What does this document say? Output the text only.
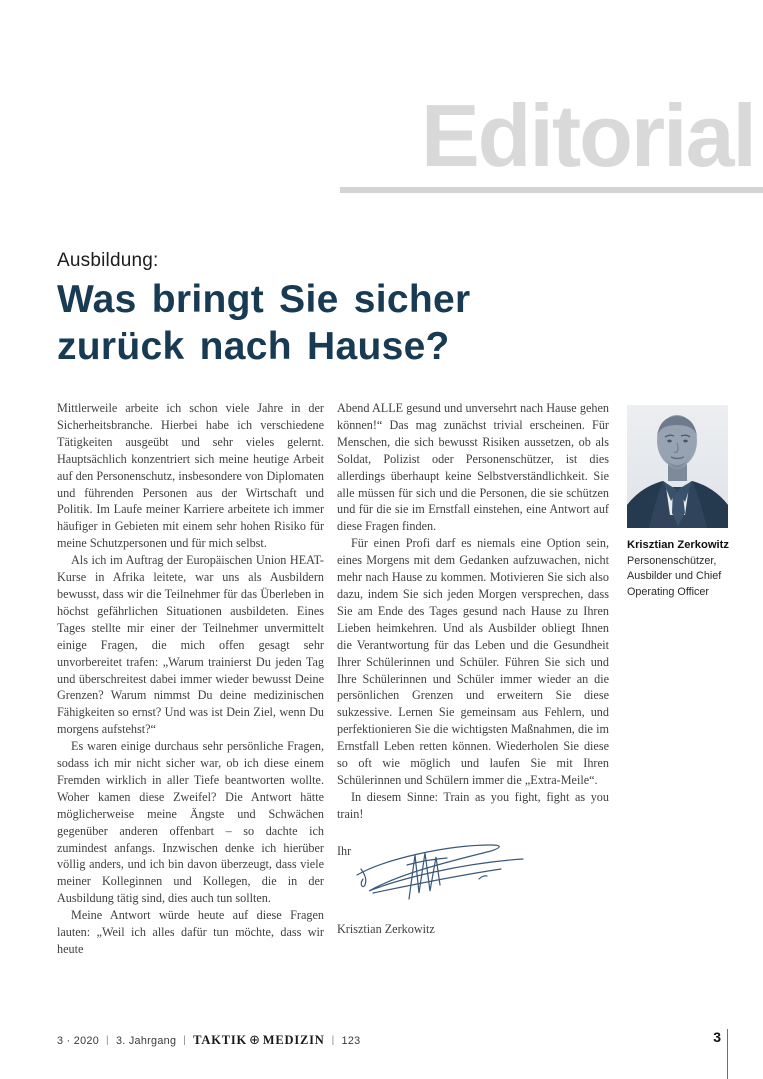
Editorial
Ausbildung:
Was bringt Sie sicher
zurück nach Hause?

Mittlerweile arbeite ich schon viele Jahre in der Sicherheitsbranche. Hierbei habe ich verschiedene Tätigkeiten ausgeübt und sehr vieles gelernt. Hauptsächlich konzentriert sich meine heutige Arbeit auf den Personenschutz, insbesondere von Diplomaten und führenden Personen aus der Wirtschaft und Politik. Im Laufe meiner Karriere arbeitete ich immer häufiger in Gebieten mit einem sehr hohen Risiko für meine Schutzpersonen und für mich selbst.

Als ich im Auftrag der Europäischen Union HEAT-Kurse in Afrika leitete, war uns als Ausbildern bewusst, dass wir die Teilnehmer für das Überleben in höchst gefährlichen Situationen ausbildeten. Eines Tages stellte mir einer der Teilnehmer unvermittelt einige Fragen, die mich offen gesagt sehr unvorbereitet trafen: „Warum trainierst Du jeden Tag und überschreitest dabei immer wieder bewusst Deine Grenzen? Warum nimmst Du deine medizinischen Fähigkeiten so ernst? Und was ist Dein Ziel, wenn Du morgens aufstehst?“

Es waren einige durchaus sehr persönliche Fragen, sodass ich mir nicht sicher war, ob ich diese einem Fremden wirklich in aller Tiefe beantworten wollte. Woher kamen diese Zweifel? Die Antwort hätte möglicherweise meine Ängste und Schwächen gegenüber anderen offenbart – so dachte ich zumindest anfangs. Inzwischen denke ich hierüber völlig anders, und ich bin davon überzeugt, dass viele meiner Kolleginnen und Kollegen, die in der Ausbildung tätig sind, dies auch tun sollten.

Meine Antwort würde heute auf diese Fragen lauten: „Weil ich alles dafür tun möchte, dass wir heute

Abend ALLE gesund und unversehrt nach Hause gehen können!“ Das mag zunächst trivial erscheinen. Für Menschen, die sich bewusst Risiken aussetzen, ob als Soldat, Polizist oder Personenschützer, ist dies allerdings überhaupt keine Selbstverständlichkeit. Sie alle müssen für sich und die Personen, die sie schützen und für die sie im Ernstfall einstehen, eine Antwort auf diese Fragen finden.

Für einen Profi darf es niemals eine Option sein, eines Morgens mit dem Gedanken aufzuwachen, nicht mehr nach Hause zu kommen. Motivieren Sie sich also dazu, indem Sie sich jeden Morgen versprechen, dass Sie am Ende des Tages gesund nach Hause zu Ihren Lieben heimkehren. Und als Ausbilder obliegt Ihnen die Verantwortung für das Leben und die Gesundheit Ihrer Schülerinnen und Schüler. Führen Sie sich und Ihre Schülerinnen und Schüler immer wieder an die persönlichen Grenzen und erweitern Sie diese sukzessive. Lernen Sie gemeinsam aus Fehlern, und perfektionieren Sie die wichtigsten Maßnahmen, die im Ernstfall Leben retten können. Wiederholen Sie diese so oft wie möglich und laufen Sie mit Ihren Schülerinnen und Schülern immer die „Extra-Meile“.

In diesem Sinne: Train as you fight, fight as you train!

Ihr
Krisztian Zerkowitz
Krisztian Zerkowitz
Personenschützer,
Ausbilder und Chief
Operating Officer
3 · 2020 | 3. Jahrgang | TAKTIK ⊕ MEDIZIN | 123	3
